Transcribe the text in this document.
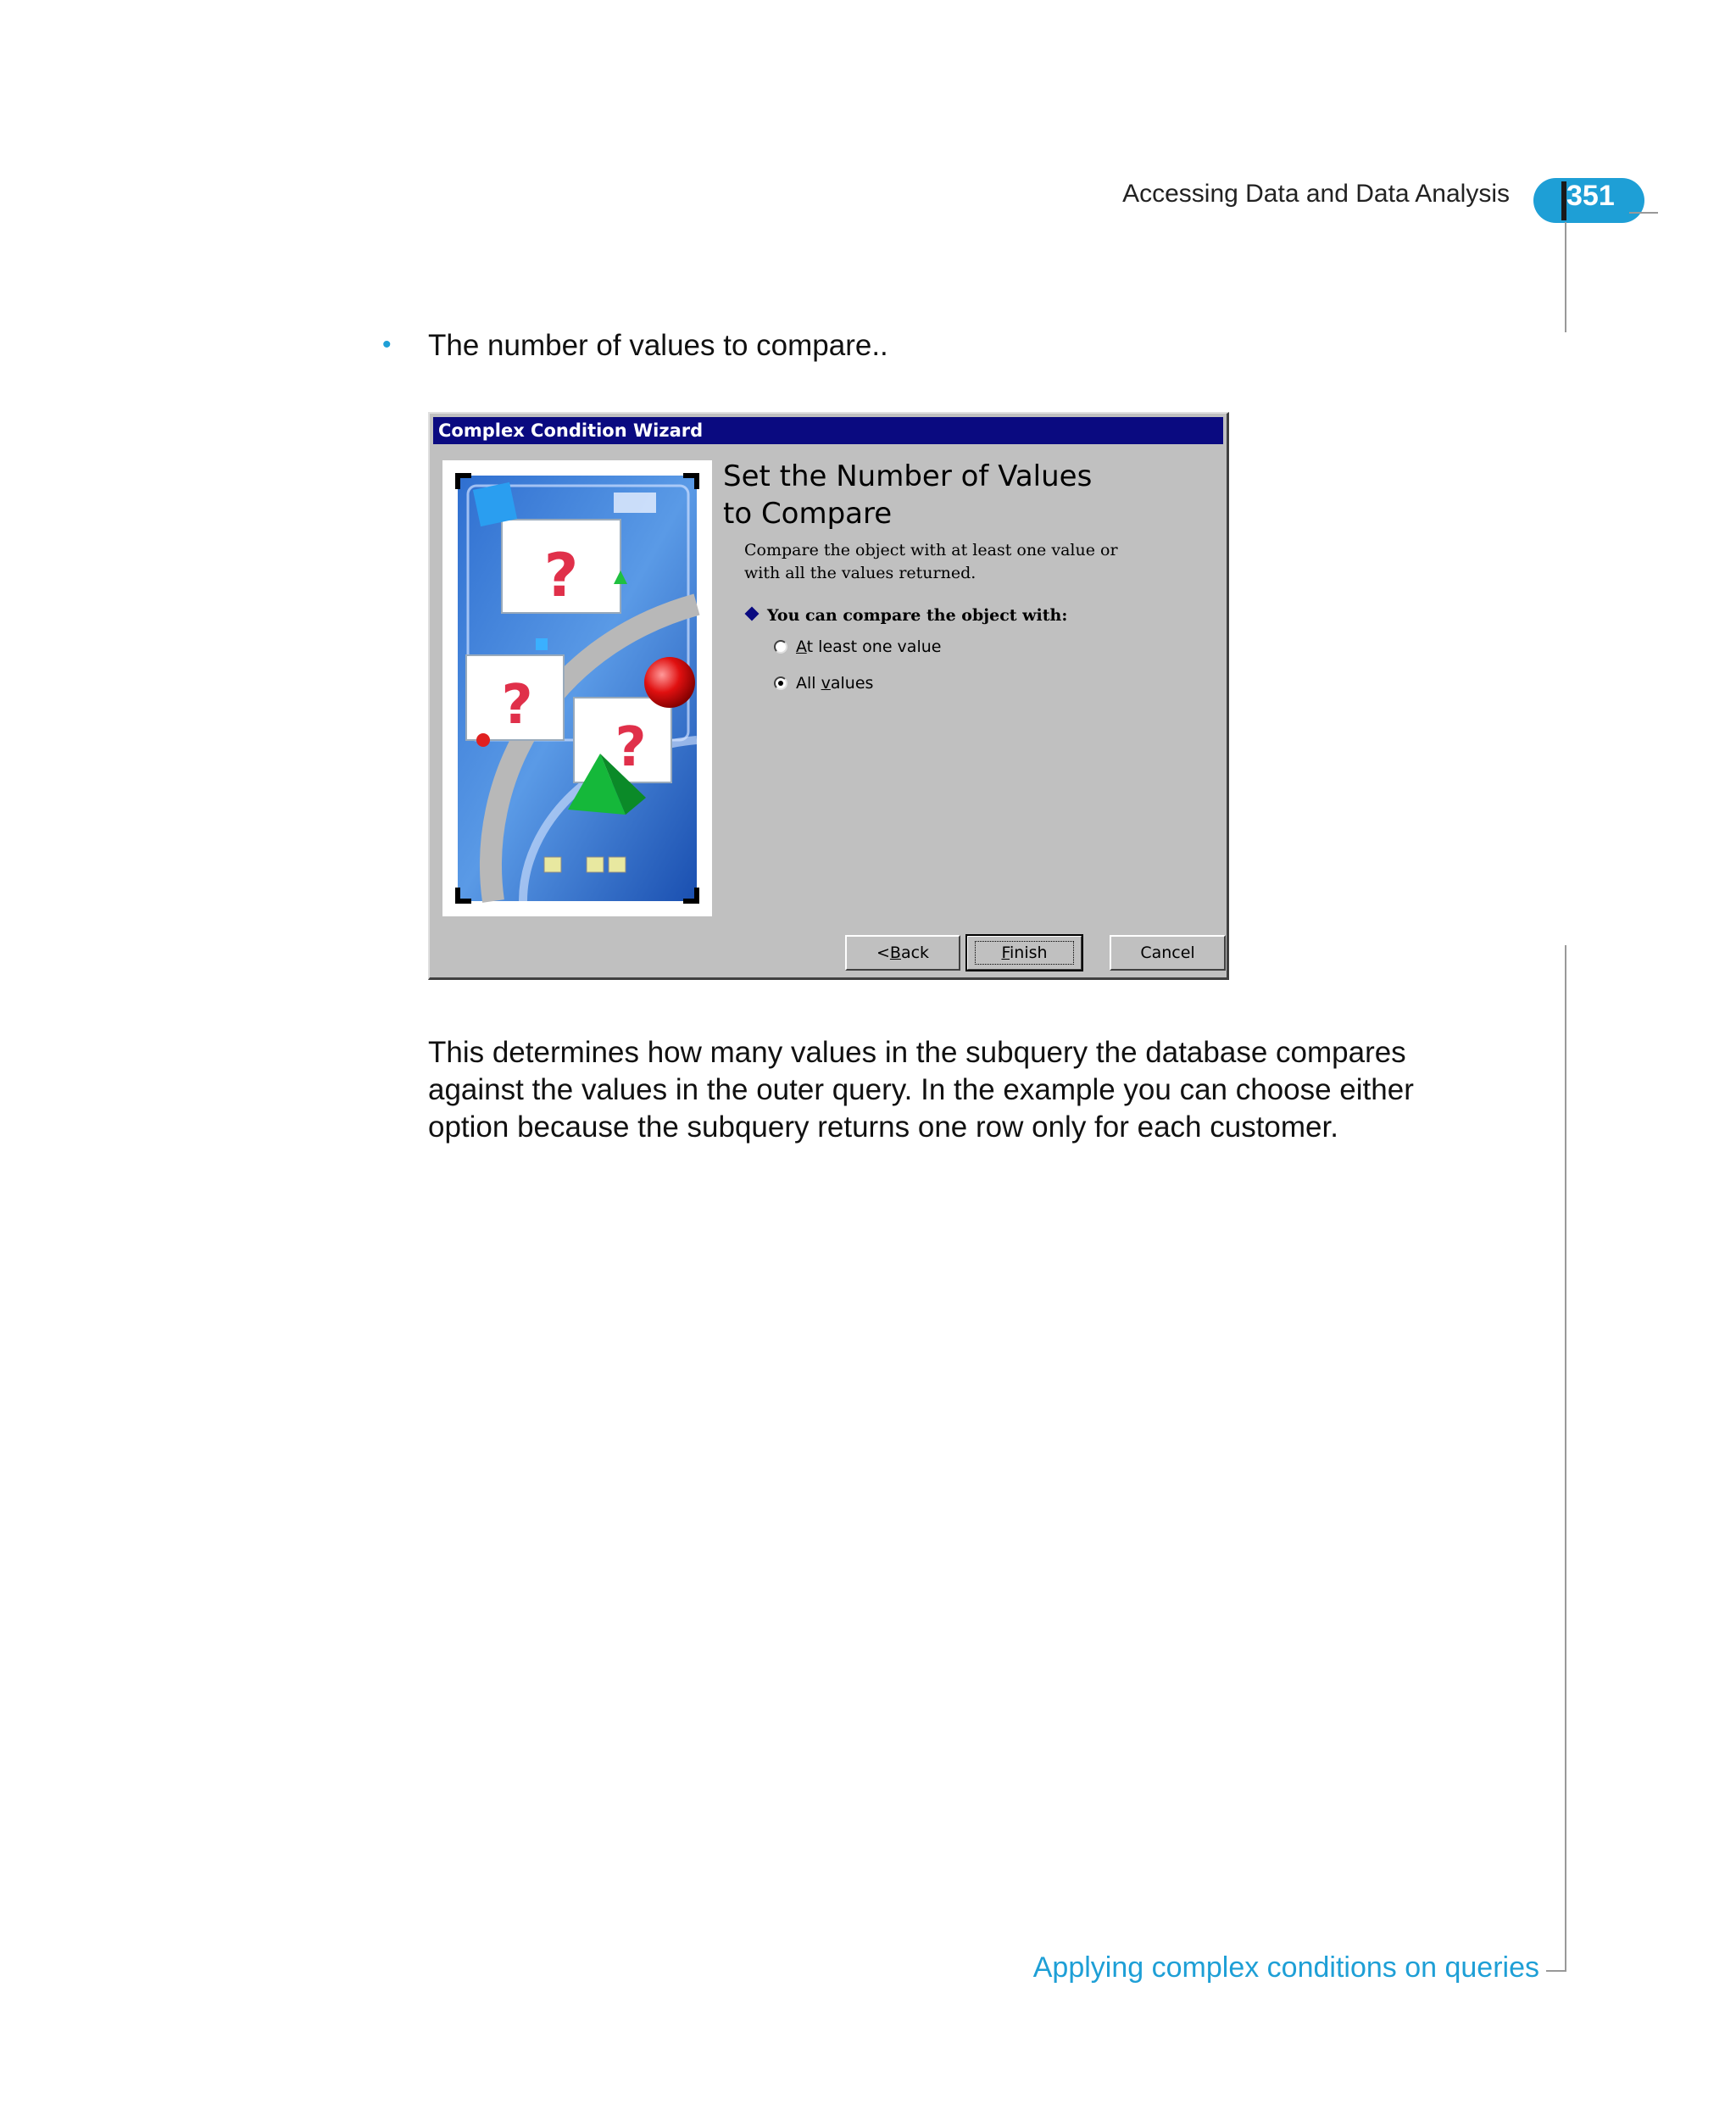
Accessing Data and Data Analysis 351
• The number of values to compare..
Complex Condition Wizard
?
?
?
Set the Number of Values
to Compare
Compare the object with at least one value or
with all the values returned.
You can compare the object with:
At least one value
All values
< B ack	Finish	Cancel
This determines how many values in the subquery the database compares against the values in the outer query. In the example you can choose either option because the subquery returns one row only for each customer.
Applying complex conditions on queries
